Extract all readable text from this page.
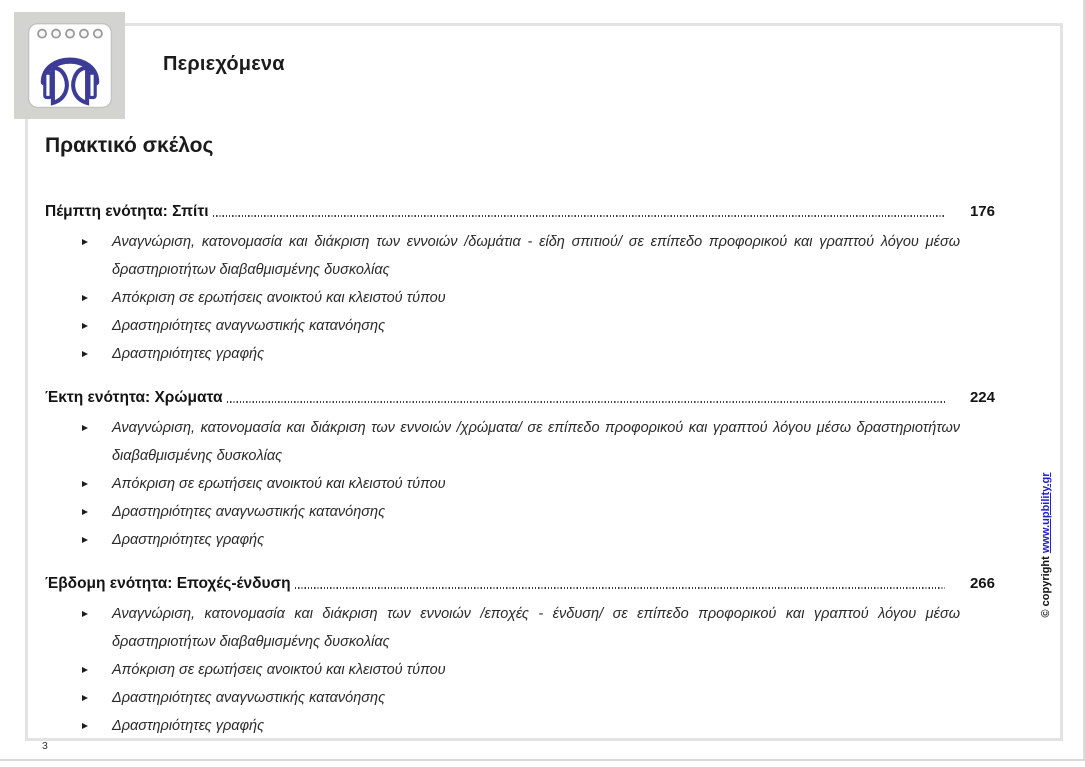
Περιεχόμενα
Πρακτικό σκέλος
Πέμπτη ενότητα: Σπίτι	176
Αναγνώριση, κατονομασία και διάκριση των εννοιών /δωμάτια - είδη σπιτιού/ σε επίπεδο προφορικού και γραπτού λόγου μέσω δραστηριοτήτων διαβαθμισμένης δυσκολίας
Απόκριση σε ερωτήσεις ανοικτού και κλειστού τύπου
Δραστηριότητες αναγνωστικής κατανόησης
Δραστηριότητες γραφής
Έκτη ενότητα: Χρώματα	224
Αναγνώριση, κατονομασία και διάκριση των εννοιών /χρώματα/ σε επίπεδο προφορικού και γραπτού λόγου μέσω δραστηριοτήτων διαβαθμισμένης δυσκολίας
Απόκριση σε ερωτήσεις ανοικτού και κλειστού τύπου
Δραστηριότητες αναγνωστικής κατανόησης
Δραστηριότητες γραφής
Έβδομη ενότητα: Εποχές-ένδυση	266
Αναγνώριση, κατονομασία και διάκριση των εννοιών /εποχές - ένδυση/ σε επίπεδο προφορικού και γραπτού λόγου μέσω δραστηριοτήτων διαβαθμισμένης δυσκολίας
Απόκριση σε ερωτήσεις ανοικτού και κλειστού τύπου
Δραστηριότητες αναγνωστικής κατανόησης
Δραστηριότητες γραφής
3
© copyright www.upbility.gr
